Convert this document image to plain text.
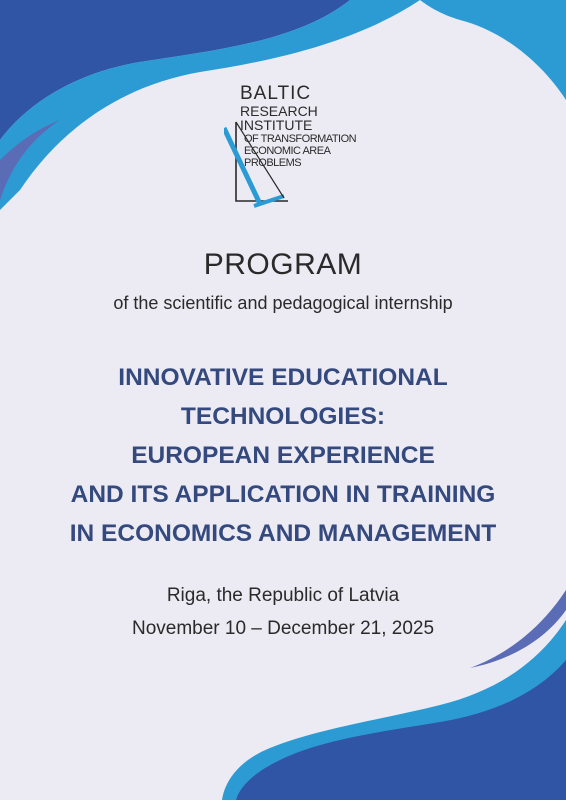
BALTIC
RESEARCH
INSTITUTE
OF TRANSFORMATION
ECONOMIC AREA
PROBLEMS
PROGRAM
of the scientific and pedagogical internship
INNOVATIVE EDUCATIONAL
TECHNOLOGIES:
EUROPEAN EXPERIENCE
AND ITS APPLICATION IN TRAINING
IN ECONOMICS AND MANAGEMENT
Riga, the Republic of Latvia
November 10 – December 21, 2025
